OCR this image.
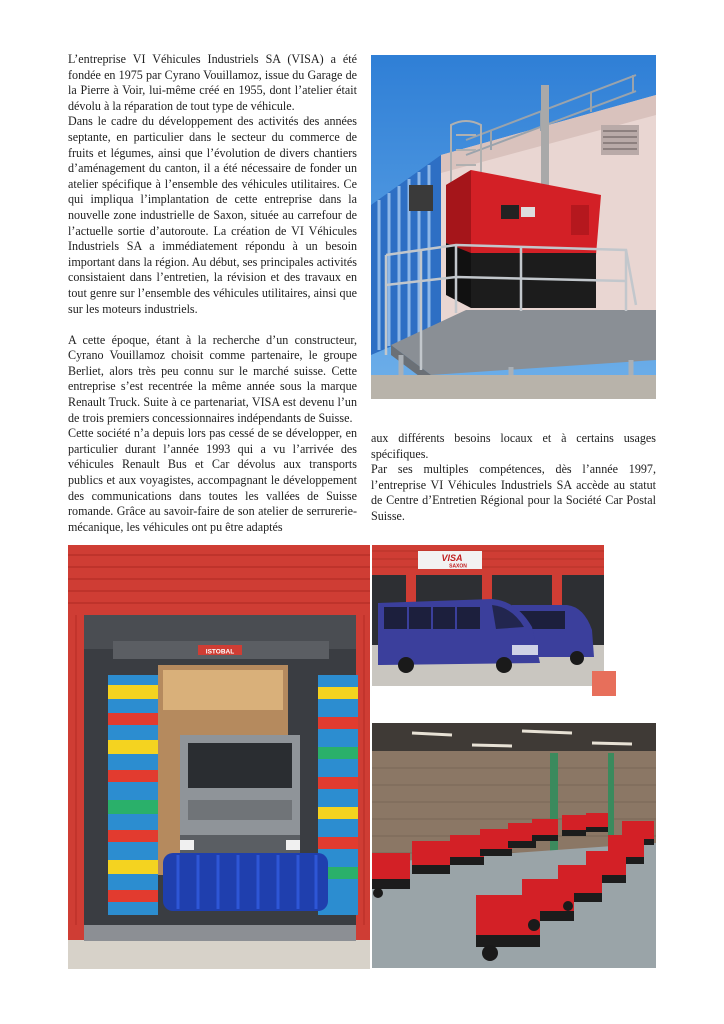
L’entreprise VI Véhicules Industriels SA (VISA) a été fondée en 1975 par Cyrano Vouillamoz, issue du Garage de la Pierre à Voir, lui-même créé en 1955, dont l’atelier était dévolu à la réparation de tout type de véhicule.

Dans le cadre du développement des activités des années septante, en particulier dans le secteur du commerce de fruits et légumes, ainsi que l’évolution de divers chantiers d’aménagement du canton, il a été nécessaire de fonder un atelier spécifique à l’ensemble des véhicules utilitaires. Ce qui impliqua l’implantation de cette entreprise dans la nouvelle zone industrielle de Saxon, située au carrefour de l’actuelle sortie d’autoroute. La création de VI Véhicules Industriels SA a immédiatement répondu à un besoin important dans la région. Au début, ses principales activités consistaient dans l’entretien, la révision et des travaux en tout genre sur l’ensemble des véhicules utilitaires, ainsi que sur les moteurs industriels.

A cette époque, étant à la recherche d’un constructeur, Cyrano Vouillamoz choisit comme partenaire, le groupe Berliet, alors très peu connu sur le marché suisse. Cette entreprise s’est recentrée la même année sous la marque Renault Truck. Suite à ce partenariat, VISA est devenu l’un de trois premiers concessionnaires indépendants de Suisse.

Cette société n’a depuis lors pas cessé de se développer, en particulier durant l’année 1993 qui a vu l’arrivée des véhicules Renault Bus et Car dévolus aux transports publics et aux voyagistes, accompagnant le développement des communications dans toutes les vallées de Suisse romande. Grâce au savoir-faire de son atelier de serrurerie-mécanique, les véhicules ont pu être adaptés

aux différents besoins locaux et à certains usages spécifiques.

Par ses multiples compétences, dès l’année 1997, l’entreprise VI Véhicules Industriels SA accède au statut de Centre d’Entretien Régional pour la Société Car Postal Suisse.

ISTOBAL
VISA
SAXON
